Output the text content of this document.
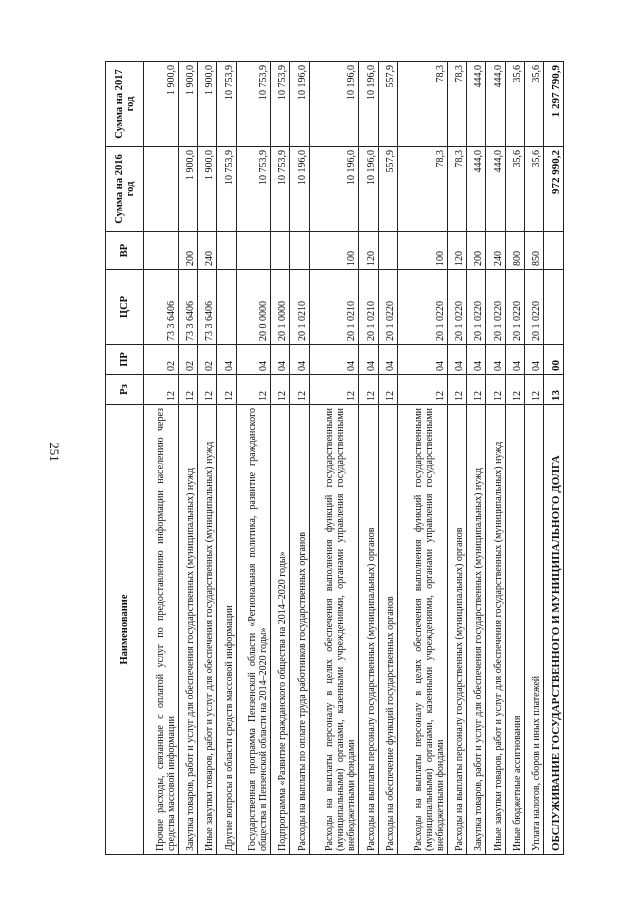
251
Наименование	Рз	ПР	ЦСР	ВР	Сумма на 2016 год	Сумма на 2017 год
Прочие расходы, связанные с оплатой услуг по предоставлению информации населению через средства массовой информации	12	02	73 3 6406			1 900,0
Закупка товаров, работ и услуг для обеспечения государственных (муниципальных) нужд	12	02	73 3 6406	200	1 900,0	1 900,0
Иные закупки товаров, работ и услуг для обеспечения государственных (муниципальных) нужд	12	02	73 3 6406	240	1 900,0	1 900,0
Другие вопросы в области средств массовой информации	12	04			10 753,9	10 753,9
Государственная программа Пензенской области «Региональная политика, развитие гражданского общества в Пензенской области на 2014–2020 годы»	12	04	20 0 0000		10 753,9	10 753,9
Подпрограмма «Развитие гражданского общества на 2014–2020 годы»	12	04	20 1 0000		10 753,9	10 753,9
Расходы на выплаты по оплате труда работников государственных органов	12	04	20 1 0210		10 196,0	10 196,0
Расходы на выплаты персоналу в целях обеспечения выполнения функций государственными (муниципальными) органами, казенными учреждениями, органами управления государственными внебюджетными фондами	12	04	20 1 0210	100	10 196,0	10 196,0
Расходы на выплаты персоналу государственных (муниципальных) органов	12	04	20 1 0210	120	10 196,0	10 196,0
Расходы на обеспечение функций государственных органов	12	04	20 1 0220		557,9	557,9
Расходы на выплаты персоналу в целях обеспечения выполнения функций государственными (муниципальными) органами, казенными учреждениями, органами управления государственными внебюджетными фондами	12	04	20 1 0220	100	78,3	78,3
Расходы на выплаты персоналу государственных (муниципальных) органов	12	04	20 1 0220	120	78,3	78,3
Закупка товаров, работ и услуг для обеспечения государственных (муниципальных) нужд	12	04	20 1 0220	200	444,0	444,0
Иные закупки товаров, работ и услуг для обеспечения государственных (муниципальных) нужд	12	04	20 1 0220	240	444,0	444,0
Иные бюджетные ассигнования	12	04	20 1 0220	800	35,6	35,6
Уплата налогов, сборов и иных платежей	12	04	20 1 0220	850	35,6	35,6
ОБСЛУЖИВАНИЕ ГОСУДАРСТВЕННОГО И МУНИЦИПАЛЬНОГО ДОЛГА	13	00			972 990,2	1 297 790,9
